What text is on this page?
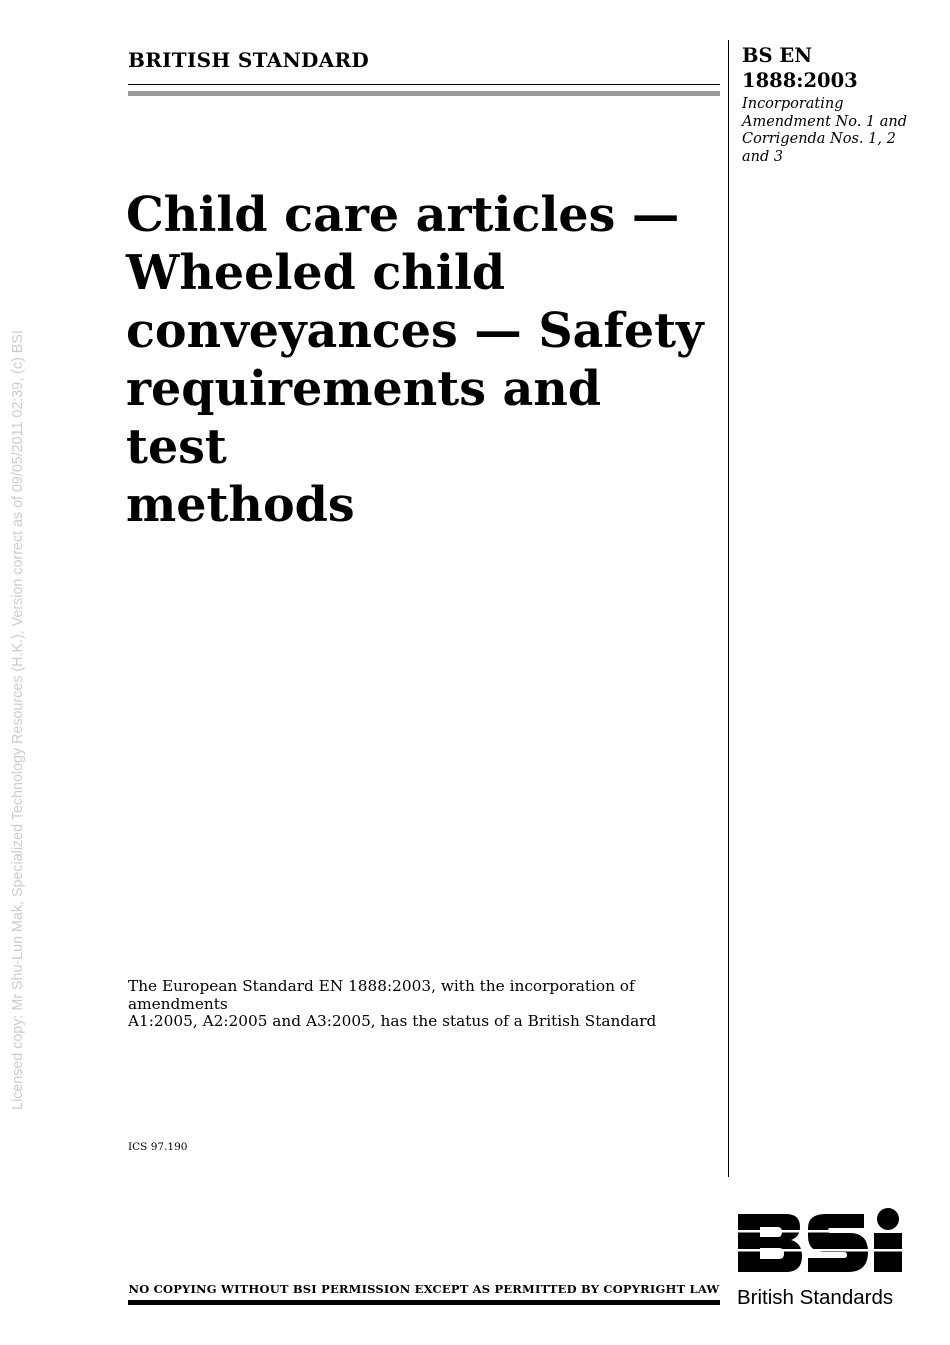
Licensed copy: Mr Shu-Lun Mak, Specialized Technology Resources (H.K.), Version correct as of 09/05/2011 02:39, (c) BSI
BRITISH STANDARD	BS EN
1888:2003
Incorporating
Amendment No. 1 and
Corrigenda Nos. 1, 2
and 3
Child care articles —
Wheeled child
conveyances — Safety
requirements and test
methods
The European Standard EN 1888:2003, with the incorporation of amendments
A1:2005, A2:2005 and A3:2005, has the status of a British Standard
ICS 97.190
British Standards
NO COPYING WITHOUT BSI PERMISSION EXCEPT AS PERMITTED BY COPYRIGHT LAW
